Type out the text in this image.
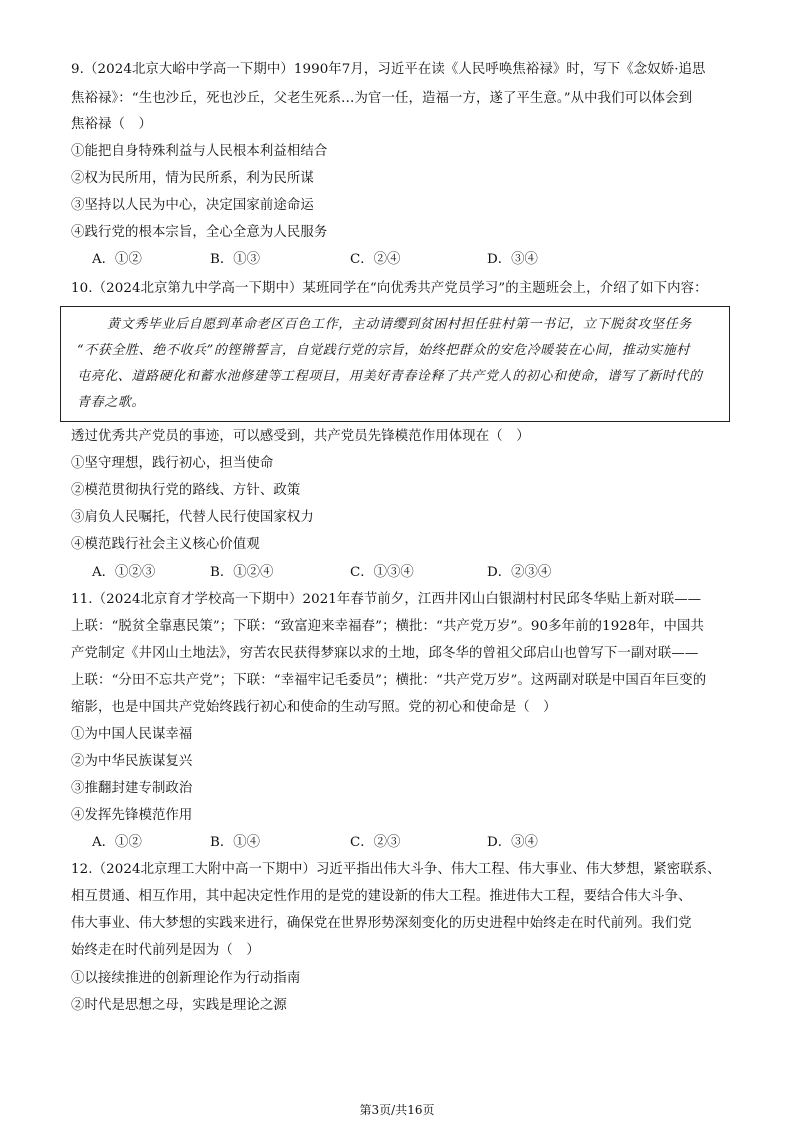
9.（2024北京大峪中学高一下期中）1990年7月，习近平在读《人民呼唤焦裕禄》时，写下《念奴娇·追思
焦裕禄》：“生也沙丘，死也沙丘，父老生死系…为官一任，造福一方，遂了平生意。”从中我们可以体会到
焦裕禄（　）
①能把自身特殊利益与人民根本利益相结合
②权为民所用，情为民所系，利为民所谋
③坚持以人民为中心，决定国家前途命运
④践行党的根本宗旨，全心全意为人民服务
A．①②	B．①③	C．②④	D．③④
10.（2024北京第九中学高一下期中）某班同学在“向优秀共产党员学习”的主题班会上，介绍了如下内容：
黄文秀毕业后自愿到革命老区百色工作，主动请缨到贫困村担任驻村第一书记，立下脱贫攻坚任务
“不获全胜、绝不收兵”的铿锵誓言，自觉践行党的宗旨，始终把群众的安危冷暖装在心间，推动实施村
屯亮化、道路硬化和蓄水池修建等工程项目，用美好青春诠释了共产党人的初心和使命，谱写了新时代的
青春之歌。
透过优秀共产党员的事迹，可以感受到，共产党员先锋模范作用体现在（　）
①坚守理想，践行初心，担当使命
②模范贯彻执行党的路线、方针、政策
③肩负人民嘱托，代替人民行使国家权力
④模范践行社会主义核心价值观
A．①②③	B．①②④	C．①③④	D．②③④
11.（2024北京育才学校高一下期中）2021年春节前夕，江西井冈山白银湖村村民邱冬华贴上新对联——
上联：“脱贫全靠惠民策”；下联：“致富迎来幸福春”；横批：“共产党万岁”。90多年前的1928年，中国共
产党制定《井冈山土地法》，穷苦农民获得梦寐以求的土地，邱冬华的曾祖父邱启山也曾写下一副对联——
上联：“分田不忘共产党”；下联：“幸福牢记毛委员”；横批：“共产党万岁”。这两副对联是中国百年巨变的
缩影，也是中国共产党始终践行初心和使命的生动写照。党的初心和使命是（　）
①为中国人民谋幸福
②为中华民族谋复兴
③推翻封建专制政治
④发挥先锋模范作用
A．①②	B．①④	C．②③	D．③④
12.（2024北京理工大附中高一下期中）习近平指出伟大斗争、伟大工程、伟大事业、伟大梦想，紧密联系、
相互贯通、相互作用，其中起决定性作用的是党的建设新的伟大工程。推进伟大工程，要结合伟大斗争、
伟大事业、伟大梦想的实践来进行，确保党在世界形势深刻变化的历史进程中始终走在时代前列。我们党
始终走在时代前列是因为（　）
①以接续推进的创新理论作为行动指南
②时代是思想之母，实践是理论之源
第3页/共16页
